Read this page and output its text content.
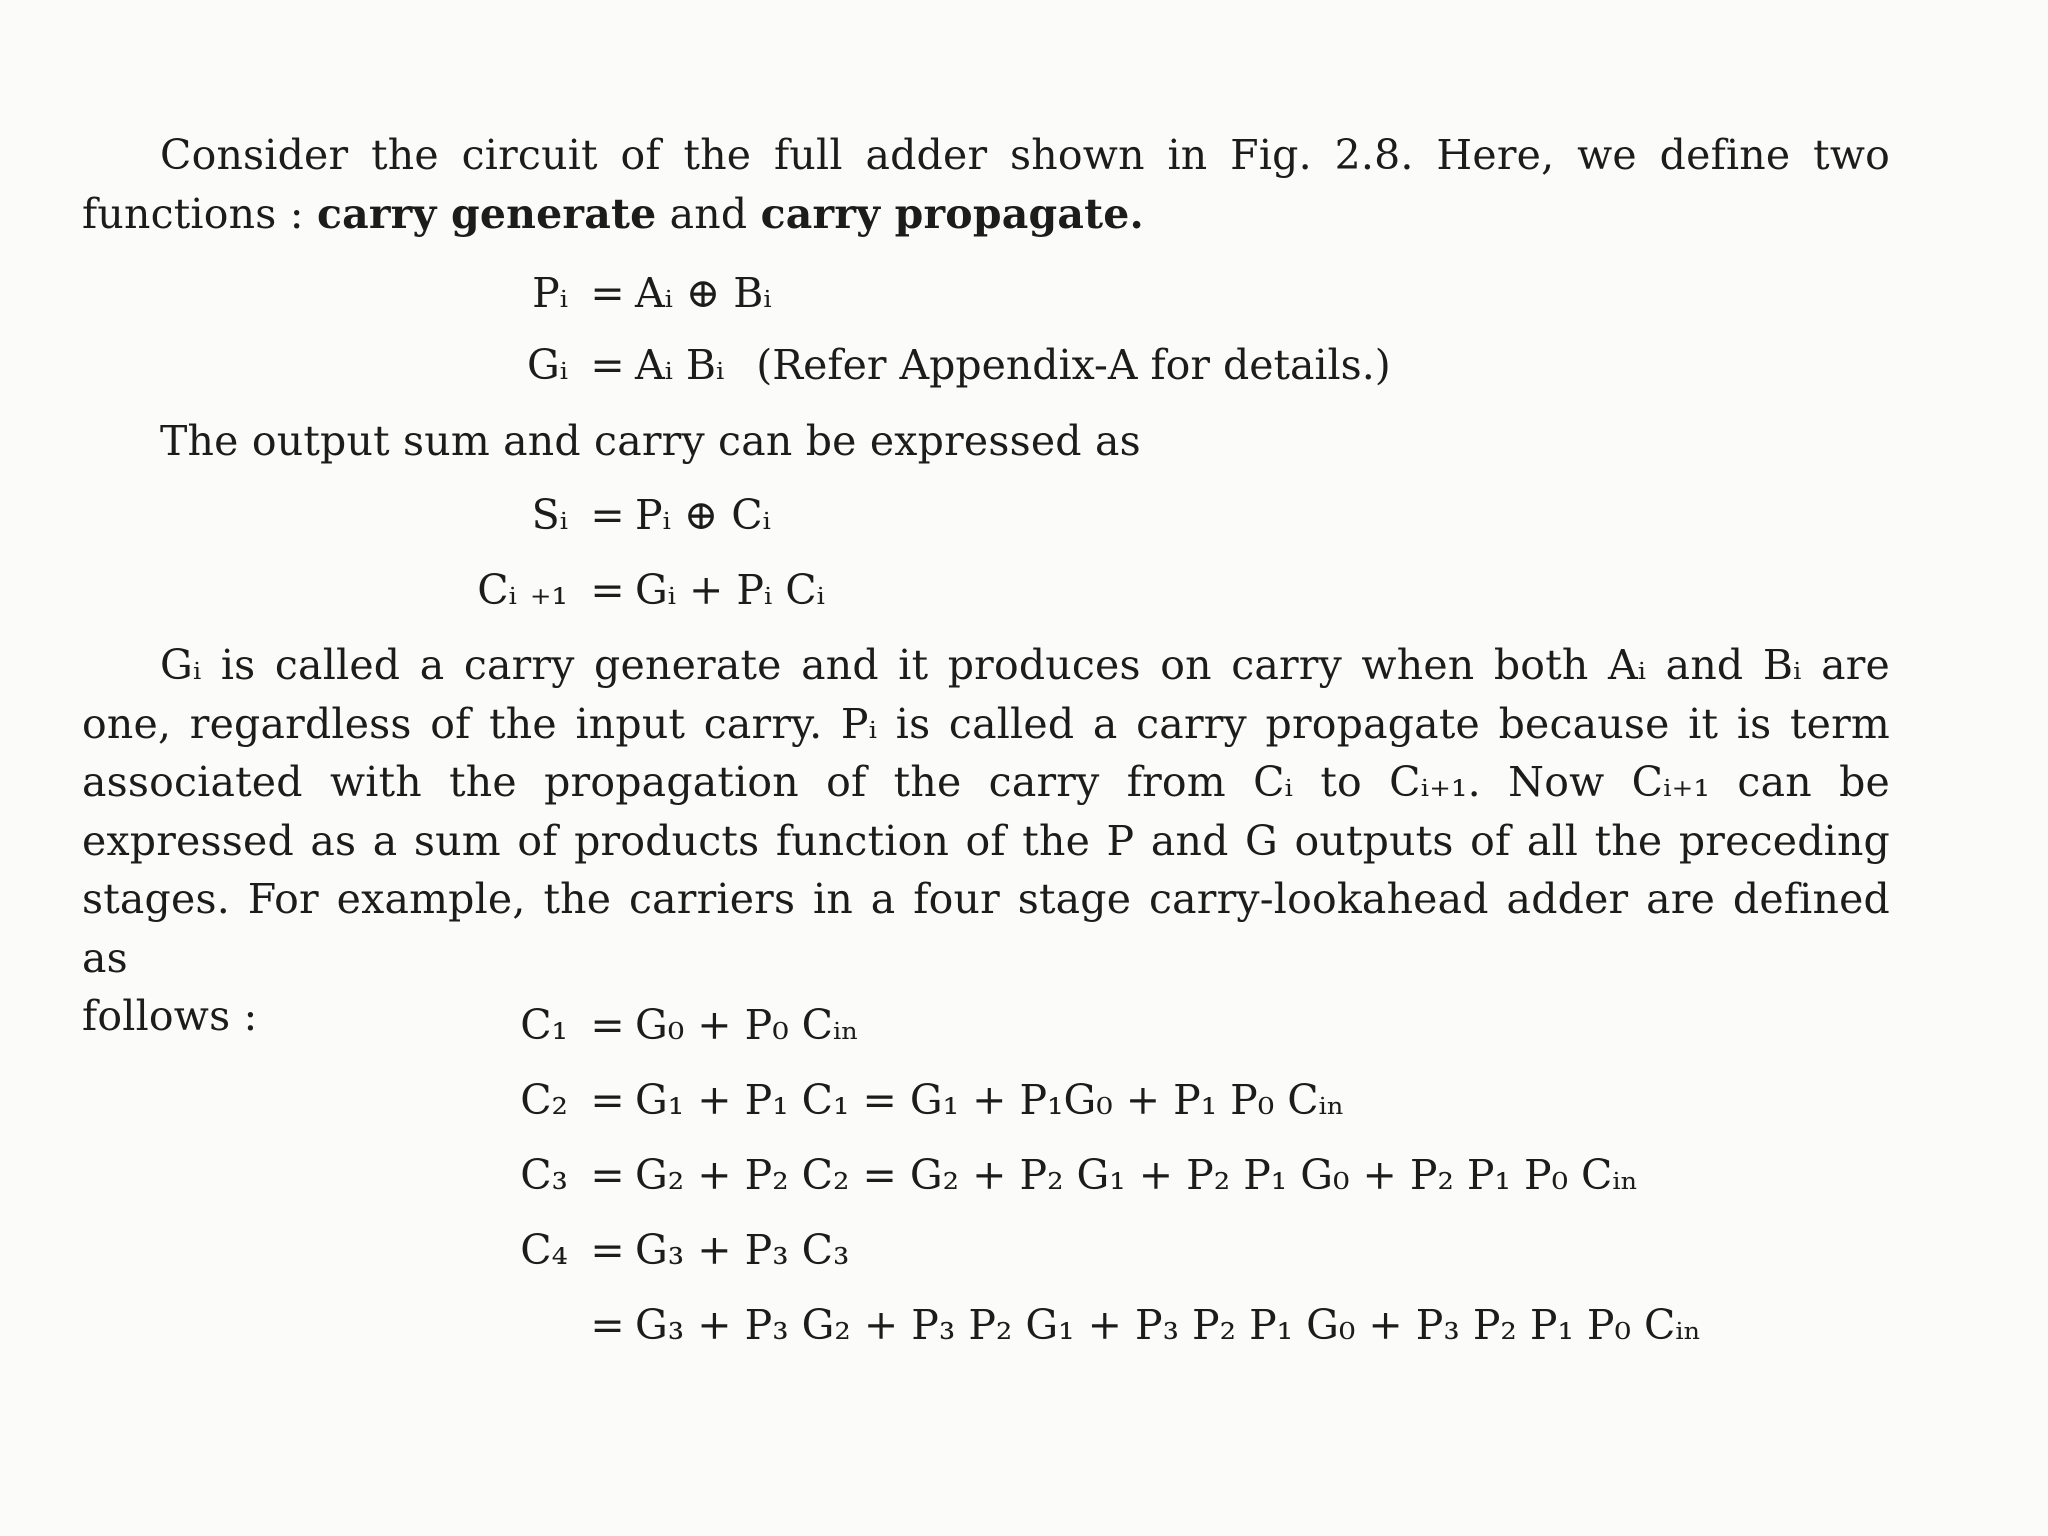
Consider the circuit of the full adder shown in Fig. 2.8. Here, we define two
functions : carry generate and carry propagate.
Pᵢ = Aᵢ ⊕ Bᵢ
Gᵢ = Aᵢ Bᵢ (Refer Appendix-A for details.)
The output sum and carry can be expressed as
Sᵢ = Pᵢ ⊕ Cᵢ
Cᵢ ₊₁ = Gᵢ + Pᵢ Cᵢ
Gᵢ is called a carry generate and it produces on carry when both Aᵢ and Bᵢ are
one, regardless of the input carry. Pᵢ is called a carry propagate because it is term
associated with the propagation of the carry from Cᵢ to Cᵢ₊₁. Now Cᵢ₊₁ can be
expressed as a sum of products function of the P and G outputs of all the preceding
stages. For example, the carriers in a four stage carry-lookahead adder are defined as
follows :	C₁ = G₀ + P₀ Cᵢₙ
C₂ = G₁ + P₁ C₁ = G₁ + P₁G₀ + P₁ P₀ Cᵢₙ
C₃ = G₂ + P₂ C₂ = G₂ + P₂ G₁ + P₂ P₁ G₀ + P₂ P₁ P₀ Cᵢₙ
C₄ = G₃ + P₃ C₃
= G₃ + P₃ G₂ + P₃ P₂ G₁ + P₃ P₂ P₁ G₀ + P₃ P₂ P₁ P₀ Cᵢₙ
